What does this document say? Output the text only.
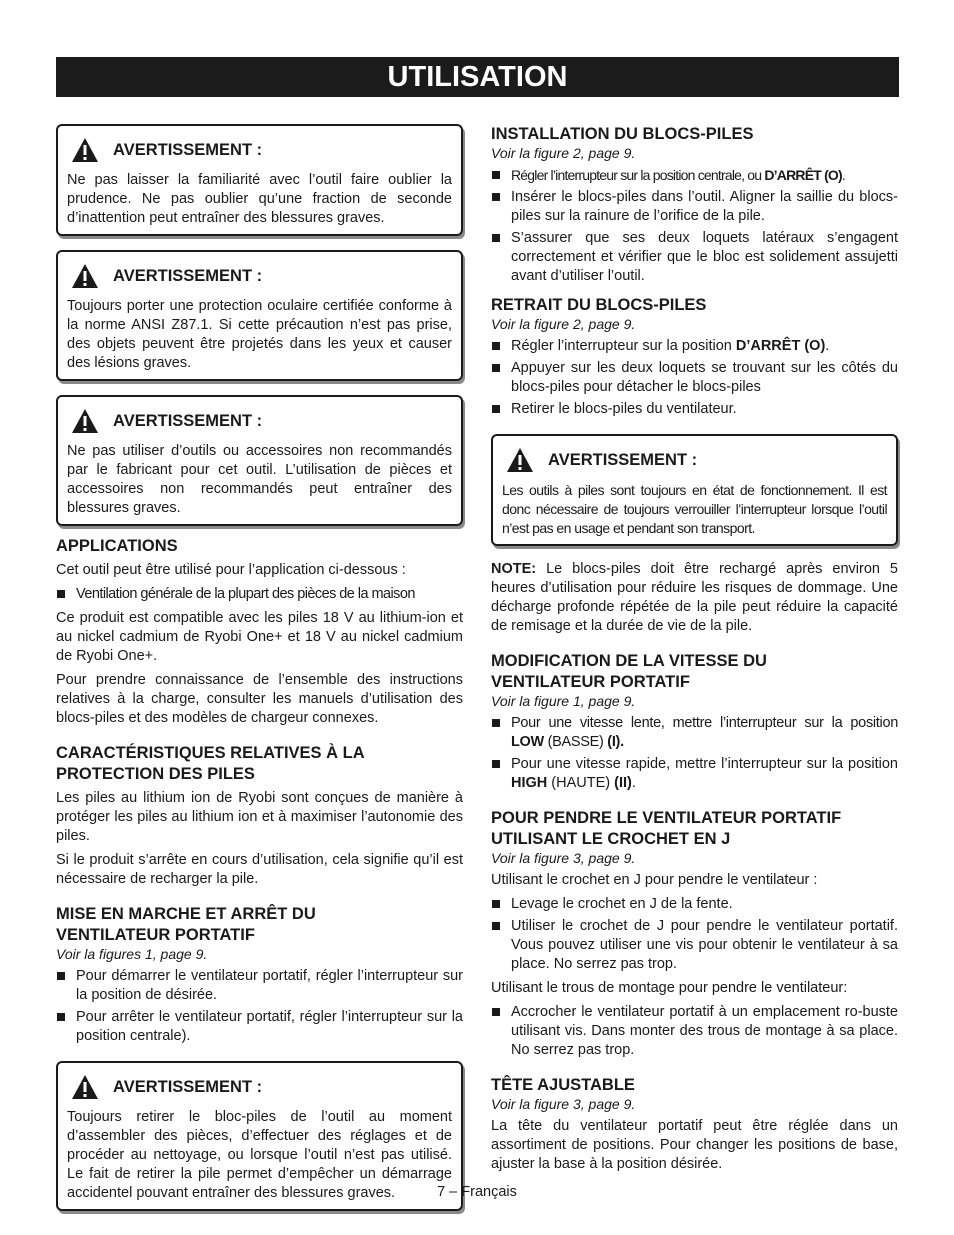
UTILISATION
AVERTISSEMENT :

Ne pas laisser la familiarité avec l’outil faire oublier la prudence. Ne pas oublier qu’une fraction de seconde d’inattention peut entraîner des blessures graves.

AVERTISSEMENT :

Toujours porter une protection oculaire certifiée conforme à la norme ANSI Z87.1. Si cette précaution n’est pas prise, des objets peuvent être projetés dans les yeux et causer des lésions graves.

AVERTISSEMENT :

Ne pas utiliser d’outils ou accessoires non recommandés par le fabricant pour cet outil. L’utilisation de pièces et accessoires non recommandés peut entraîner des blessures graves.

APPLICATIONS

Cet outil peut être utilisé pour l’application ci-dessous :

Ventilation générale de la plupart des pièces de la maison

Ce produit est compatible avec les piles 18 V au lithium-ion et au nickel cadmium de Ryobi One+ et 18 V au nickel cadmium de Ryobi One+.

Pour prendre connaissance de l’ensemble des instructions relatives à la charge, consulter les manuels d’utilisation des blocs-piles et des modèles de chargeur connexes.

CARACTÉRISTIQUES RELATIVES À LA
PROTECTION DES PILES

Les piles au lithium ion de Ryobi sont conçues de manière à protéger les piles au lithium ion et à maximiser l’autonomie des piles.

Si le produit s’arrête en cours d’utilisation, cela signifie qu’il est nécessaire de recharger la pile.

MISE EN MARCHE ET ARRÊT DU
VENTILATEUR PORTATIF

Voir la figures 1, page 9.

Pour démarrer le ventilateur portatif, régler l’interrupteur sur la position de désirée.
Pour arrêter le ventilateur portatif, régler l’interrupteur sur la position centrale).
AVERTISSEMENT :

Toujours retirer le bloc-piles de l’outil au moment d’assembler des pièces, d’effectuer des réglages et de procéder au nettoyage, ou lorsque l’outil n’est pas utilisé. Le fait de retirer la pile permet d’empêcher un démarrage accidentel pouvant entraîner des blessures graves.

INSTALLATION DU BLOCS-PILES

Voir la figure 2, page 9.

Régler l’interrupteur sur la position centrale, ou D’ARRÊT (O).
Insérer le blocs-piles dans l’outil. Aligner la saillie du blocs-piles sur la rainure de l’orifice de la pile.
S’assurer que ses deux loquets latéraux s’engagent correctement et vérifier que le bloc est solidement assujetti avant d’utiliser l’outil.
RETRAIT DU BLOCS-PILES

Voir la figure 2, page 9.

Régler l’interrupteur sur la position D’ARRÊT (O).
Appuyer sur les deux loquets se trouvant sur les côtés du blocs-piles pour détacher le blocs-piles
Retirer le blocs-piles du ventilateur.
AVERTISSEMENT :

Les outils à piles sont toujours en état de fonctionnement. Il est donc nécessaire de toujours verrouiller l’interrupteur lorsque l’outil n’est pas en usage et pendant son transport.

NOTE: Le blocs-piles doit être rechargé après environ 5 heures d’utilisation pour réduire les risques de dommage. Une décharge profonde répétée de la pile peut réduire la capacité de remisage et la durée de vie de la pile.

MODIFICATION DE LA VITESSE DU
VENTILATEUR PORTATIF

Voir la figure 1, page 9.

Pour une vitesse lente, mettre l’interrupteur sur la position LOW (BASSE) (I).
Pour une vitesse rapide, mettre l’interrupteur sur la position HIGH (HAUTE) (II).
POUR PENDRE LE VENTILATEUR PORTATIF
UTILISANT LE CROCHET EN J

Voir la figure 3, page 9.

Utilisant le crochet en J pour pendre le ventilateur :

Levage le crochet en J de la fente.
Utiliser le crochet de J pour pendre le ventilateur portatif. Vous pouvez utiliser une vis pour obtenir le ventilateur à sa place. No serrez pas trop.

Utilisant le trous de montage pour pendre le ventilateur:

Accrocher le ventilateur portatif à un emplacement ro-buste utilisant vis. Dans monter des trous de montage à sa place. No serrez pas trop.
TÊTE AJUSTABLE

Voir la figure 3, page 9.

La tête du ventilateur portatif peut être réglée dans un assortiment de positions. Pour changer les positions de base, ajuster la base à la position désirée.

7 – Français
